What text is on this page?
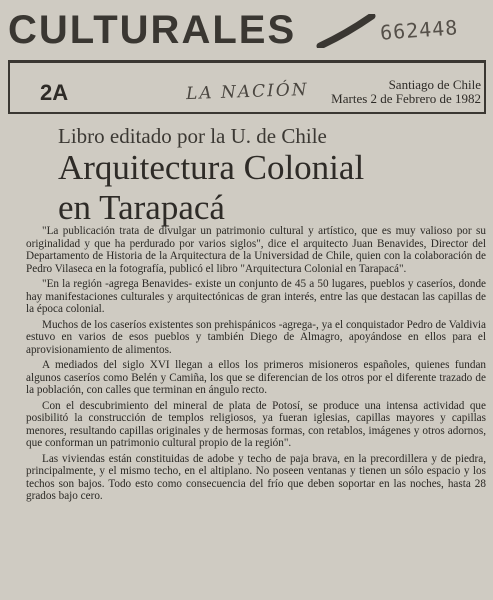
CULTURALES	662448
2A	LA NACIÓN	Santiago de Chile
Martes 2 de Febrero de 1982
Libro editado por la U. de Chile
Arquitectura Colonial
en Tarapacá

"La publicación trata de divulgar un patrimonio cultural y artístico, que es muy valioso por su originalidad y que ha perdurado por varios siglos", dice el arquitecto Juan Benavides, Director del Departamento de Historia de la Arquitectura de la Universidad de Chile, quien con la colaboración de Pedro Vilaseca en la fotografía, publicó el libro "Arquitectura Colonial en Tarapacá".

"En la región -agrega Benavides- existe un conjunto de 45 a 50 lugares, pueblos y caseríos, donde hay manifestaciones culturales y arquitectónicas de gran interés, entre las que destacan las capillas de la época colonial.

Muchos de los caseríos existentes son prehispánicos -agrega-, ya el conquistador Pedro de Valdivia estuvo en varios de esos pueblos y también Diego de Almagro, apoyándose en ellos para el aprovisionamiento de alimentos.

A mediados del siglo XVI llegan a ellos los primeros misioneros españoles, quienes fundan algunos caseríos como Belén y Camiña, los que se diferencian de los otros por el diferente trazado de la población, con calles que terminan en ángulo recto.

Con el descubrimiento del mineral de plata de Potosí, se produce una intensa actividad que posibilitó la construcción de templos religiosos, ya fueran iglesias, capillas mayores y capillas menores, resultando capillas originales y de hermosas formas, con retablos, imágenes y otros adornos, que conforman un patrimonio cultural propio de la región".

Las viviendas están constituidas de adobe y techo de paja brava, en la precordillera y de piedra, principalmente, y el mismo techo, en el altiplano. No poseen ventanas y tienen un sólo espacio y los techos son bajos. Todo esto como consecuencia del frío que deben soportar en las noches, hasta 28 grados bajo cero.
